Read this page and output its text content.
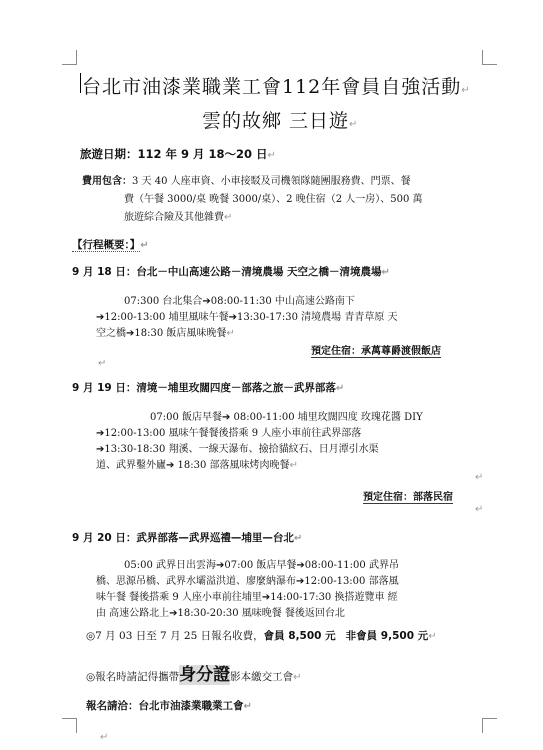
台北市油漆業職業工會112年會員自強活動↵
雲的故鄉 三日遊↵
旅遊日期：112 年 9 月 18～20 日↵
費用包含：3 天 40 人座車資、小車接駁及司機領隊隨團服務費、門票、餐
費（午餐 3000/桌 晚餐 3000/桌）、2 晚住宿（2 人一房）、500 萬
旅遊綜合險及其他雜費↵
【行程概要：】↵
9 月 18 日：台北－中山高速公路－清境農場 天空之橋－清境農場↵
07:300 台北集合➔08:00-11:30 中山高速公路南下
➔12:00-13:00 埔里風味午餐➔13:30-17:30 清境農場 青青草原 天
空之橋➔18:30 飯店風味晚餐↵
預定住宿：承萬尊爵渡假飯店
↵
9 月 19 日：清境－埔里玫闊四度－部落之旅－武界部落↵
07:00 飯店早餐➔ 08:00-11:00 埔里玫闊四度 玫瑰花醬 DIY
➔12:00-13:00 風味午餐餐後搭乘 9 人座小車前往武界部落
➔13:30-18:30 翔溪、一線天瀑布、撿拾貓紋石、日月潭引水渠
道、武界鑿外廬➔ 18:30 部落風味烤肉晚餐↵
↵
預定住宿：部落民宿
↵
9 月 20 日：武界部落—武界巡禮—埔里—台北↵
05:00 武界日出雲海➔07:00 飯店早餐➔08:00-11:00 武界吊
橋、思源吊橋、武界水壩溢洪道、廖麼納瀑布➔12:00-13:00 部落風
味午餐 餐後搭乘 9 人座小車前往埔里➔14:00-17:30 換搭遊覽車 經
由 高速公路北上➔18:30-20:30 風味晚餐 餐後返回台北
◎7 月 03 日至 7 月 25 日報名收費，會員 8,500 元 非會員 9,500 元↵
◎報名時請記得攜帶身分證影本繳交工會↵
報名請洽：台北市油漆業職業工會↵
↵
